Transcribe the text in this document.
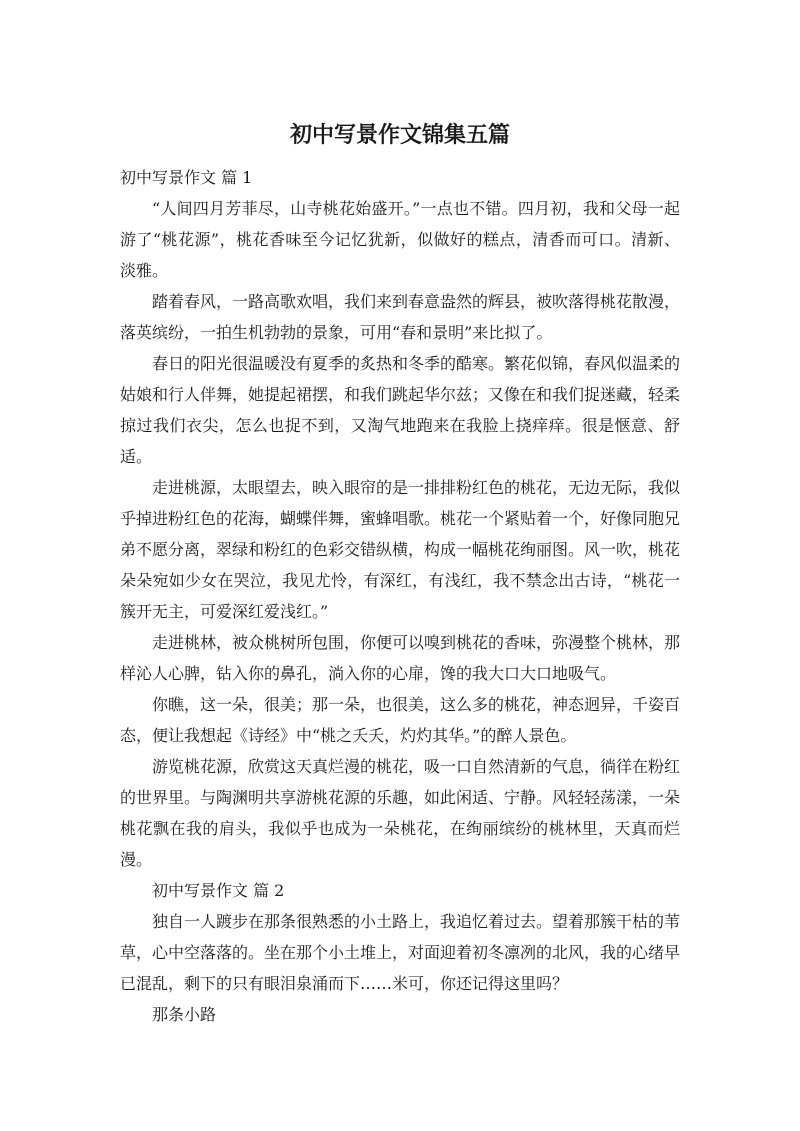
初中写景作文锦集五篇

初中写景作文 篇 1

“人间四月芳菲尽，山寺桃花始盛开。”一点也不错。四月初，我和父母一起游了“桃花源”，桃花香味至今记忆犹新，似做好的糕点，清香而可口。清新、淡雅。

踏着春风，一路高歌欢唱，我们来到春意盎然的辉县，被吹落得桃花散漫，落英缤纷，一拍生机勃勃的景象，可用“春和景明”来比拟了。

春日的阳光很温暖没有夏季的炙热和冬季的酷寒。繁花似锦，春风似温柔的姑娘和行人伴舞，她提起裙摆，和我们跳起华尔兹；又像在和我们捉迷藏，轻柔掠过我们衣尖，怎么也捉不到，又淘气地跑来在我脸上挠痒痒。很是惬意、舒适。

走进桃源，太眼望去，映入眼帘的是一排排粉红色的桃花，无边无际，我似乎掉进粉红色的花海，蝴蝶伴舞，蜜蜂唱歌。桃花一个紧贴着一个，好像同胞兄弟不愿分离，翠绿和粉红的色彩交错纵横，构成一幅桃花绚丽图。风一吹，桃花朵朵宛如少女在哭泣，我见尤怜，有深红，有浅红，我不禁念出古诗，“桃花一簇开无主，可爱深红爱浅红。”

走进桃林，被众桃树所包围，你便可以嗅到桃花的香味，弥漫整个桃林，那样沁人心脾，钻入你的鼻孔，淌入你的心扉，馋的我大口大口地吸气。

你瞧，这一朵，很美；那一朵，也很美，这么多的桃花，神态迥异，千姿百态，便让我想起《诗经》中“桃之夭夭，灼灼其华。”的醉人景色。

游览桃花源，欣赏这天真烂漫的桃花，吸一口自然清新的气息，徜徉在粉红的世界里。与陶渊明共享游桃花源的乐趣，如此闲适、宁静。风轻轻荡漾，一朵桃花飘在我的肩头，我似乎也成为一朵桃花，在绚丽缤纷的桃林里，天真而烂漫。

初中写景作文 篇 2

独自一人踱步在那条很熟悉的小土路上，我追忆着过去。望着那簇干枯的苇草，心中空落落的。坐在那个小土堆上，对面迎着初冬凛冽的北风，我的心绪早已混乱，剩下的只有眼泪泉涌而下……米可，你还记得这里吗？

那条小路
